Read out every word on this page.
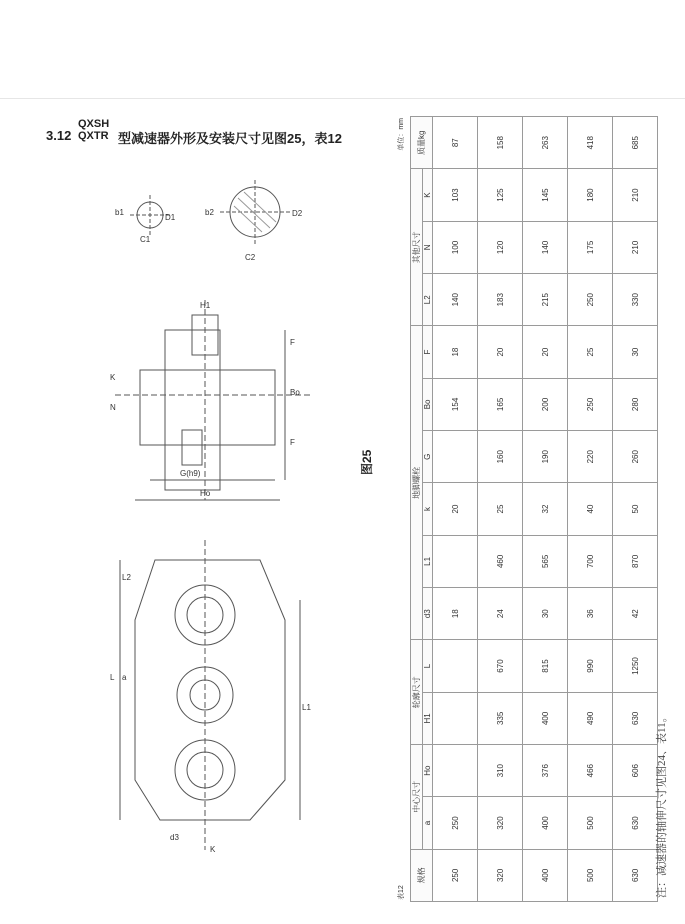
3.12
QXSH
QXTR 型减速器外形及安装尺寸见图25，表12
b1
D1
C1
b2	D2
C2
H1
N
K
G(h9)
Ho
F
Bo
F
L2
L a
L1
d3
K
图25
表12
单位：mm
规格	中心尺寸		轮廓尺寸		地脚螺栓						其他尺寸			质量kg
	a	Ho	H1	L	d3	L1	k	G	Bo	F	L2	N	K	
250	250				18		20		154	18	140	100	103	87
320	320	310	335	670	24	460	25	160	165	20	183	120	125	158
400	400	376	400	815	30	565	32	190	200	20	215	140	145	263
500	500	466	490	990	36	700	40	220	250	25	250	175	180	418
630	630	606	630	1250	42	870	50	260	280	30	330	210	210	685
注：减速器的轴伸尺寸见图24、表11。
